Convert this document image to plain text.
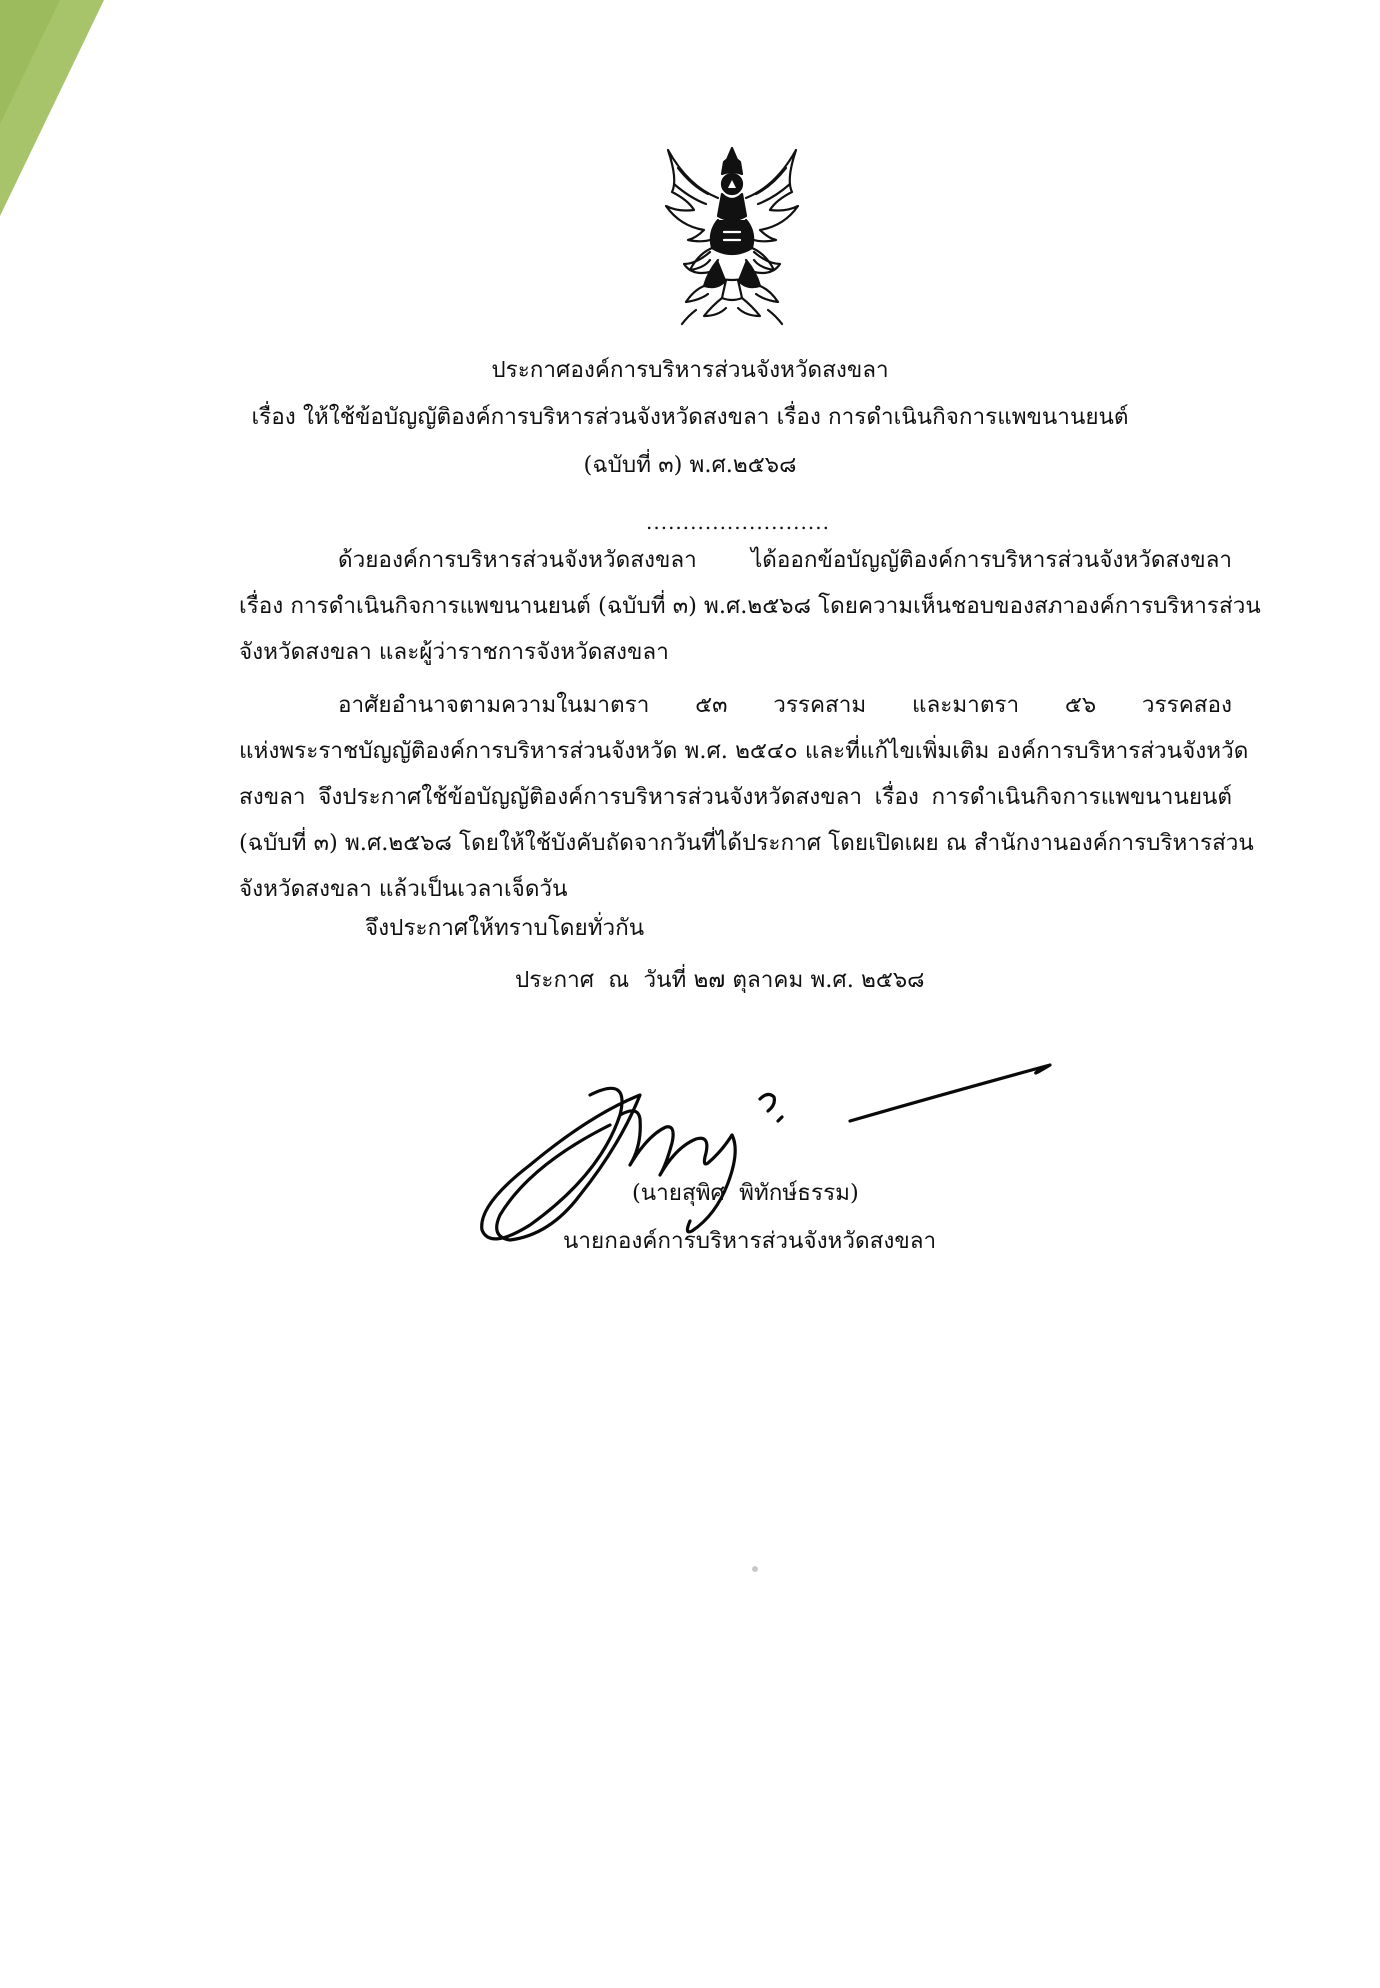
ประกาศองค์การบริหารส่วนจังหวัดสงขลา
เรื่อง ให้ใช้ข้อบัญญัติองค์การบริหารส่วนจังหวัดสงขลา เรื่อง การดำเนินกิจการแพขนานยนต์
(ฉบับที่ ๓) พ.ศ.๒๕๖๘
.........................
ด้วยองค์การบริหารส่วนจังหวัดสงขลา ได้ออกข้อบัญญัติองค์การบริหารส่วนจังหวัดสงขลา
เรื่อง การดำเนินกิจการแพขนานยนต์ (ฉบับที่ ๓) พ.ศ.๒๕๖๘ โดยความเห็นชอบของสภาองค์การบริหารส่วน
จังหวัดสงขลา และผู้ว่าราชการจังหวัดสงขลา
อาศัยอำนาจตามความในมาตรา ๕๓ วรรคสาม และมาตรา ๕๖ วรรคสอง
แห่งพระราชบัญญัติองค์การบริหารส่วนจังหวัด พ.ศ. ๒๕๔๐ และที่แก้ไขเพิ่มเติม องค์การบริหารส่วนจังหวัด
สงขลา จึงประกาศใช้ข้อบัญญัติองค์การบริหารส่วนจังหวัดสงขลา เรื่อง การดำเนินกิจการแพขนานยนต์
(ฉบับที่ ๓) พ.ศ.๒๕๖๘ โดยให้ใช้บังคับถัดจากวันที่ได้ประกาศ โดยเปิดเผย ณ สำนักงานองค์การบริหารส่วน
จังหวัดสงขลา แล้วเป็นเวลาเจ็ดวัน
จึงประกาศให้ทราบโดยทั่วกัน
ประกาศ  ณ  วันที่ ๒๗ ตุลาคม พ.ศ. ๒๕๖๘
(นายสุพิศ  พิทักษ์ธรรม)
นายกองค์การบริหารส่วนจังหวัดสงขลา
